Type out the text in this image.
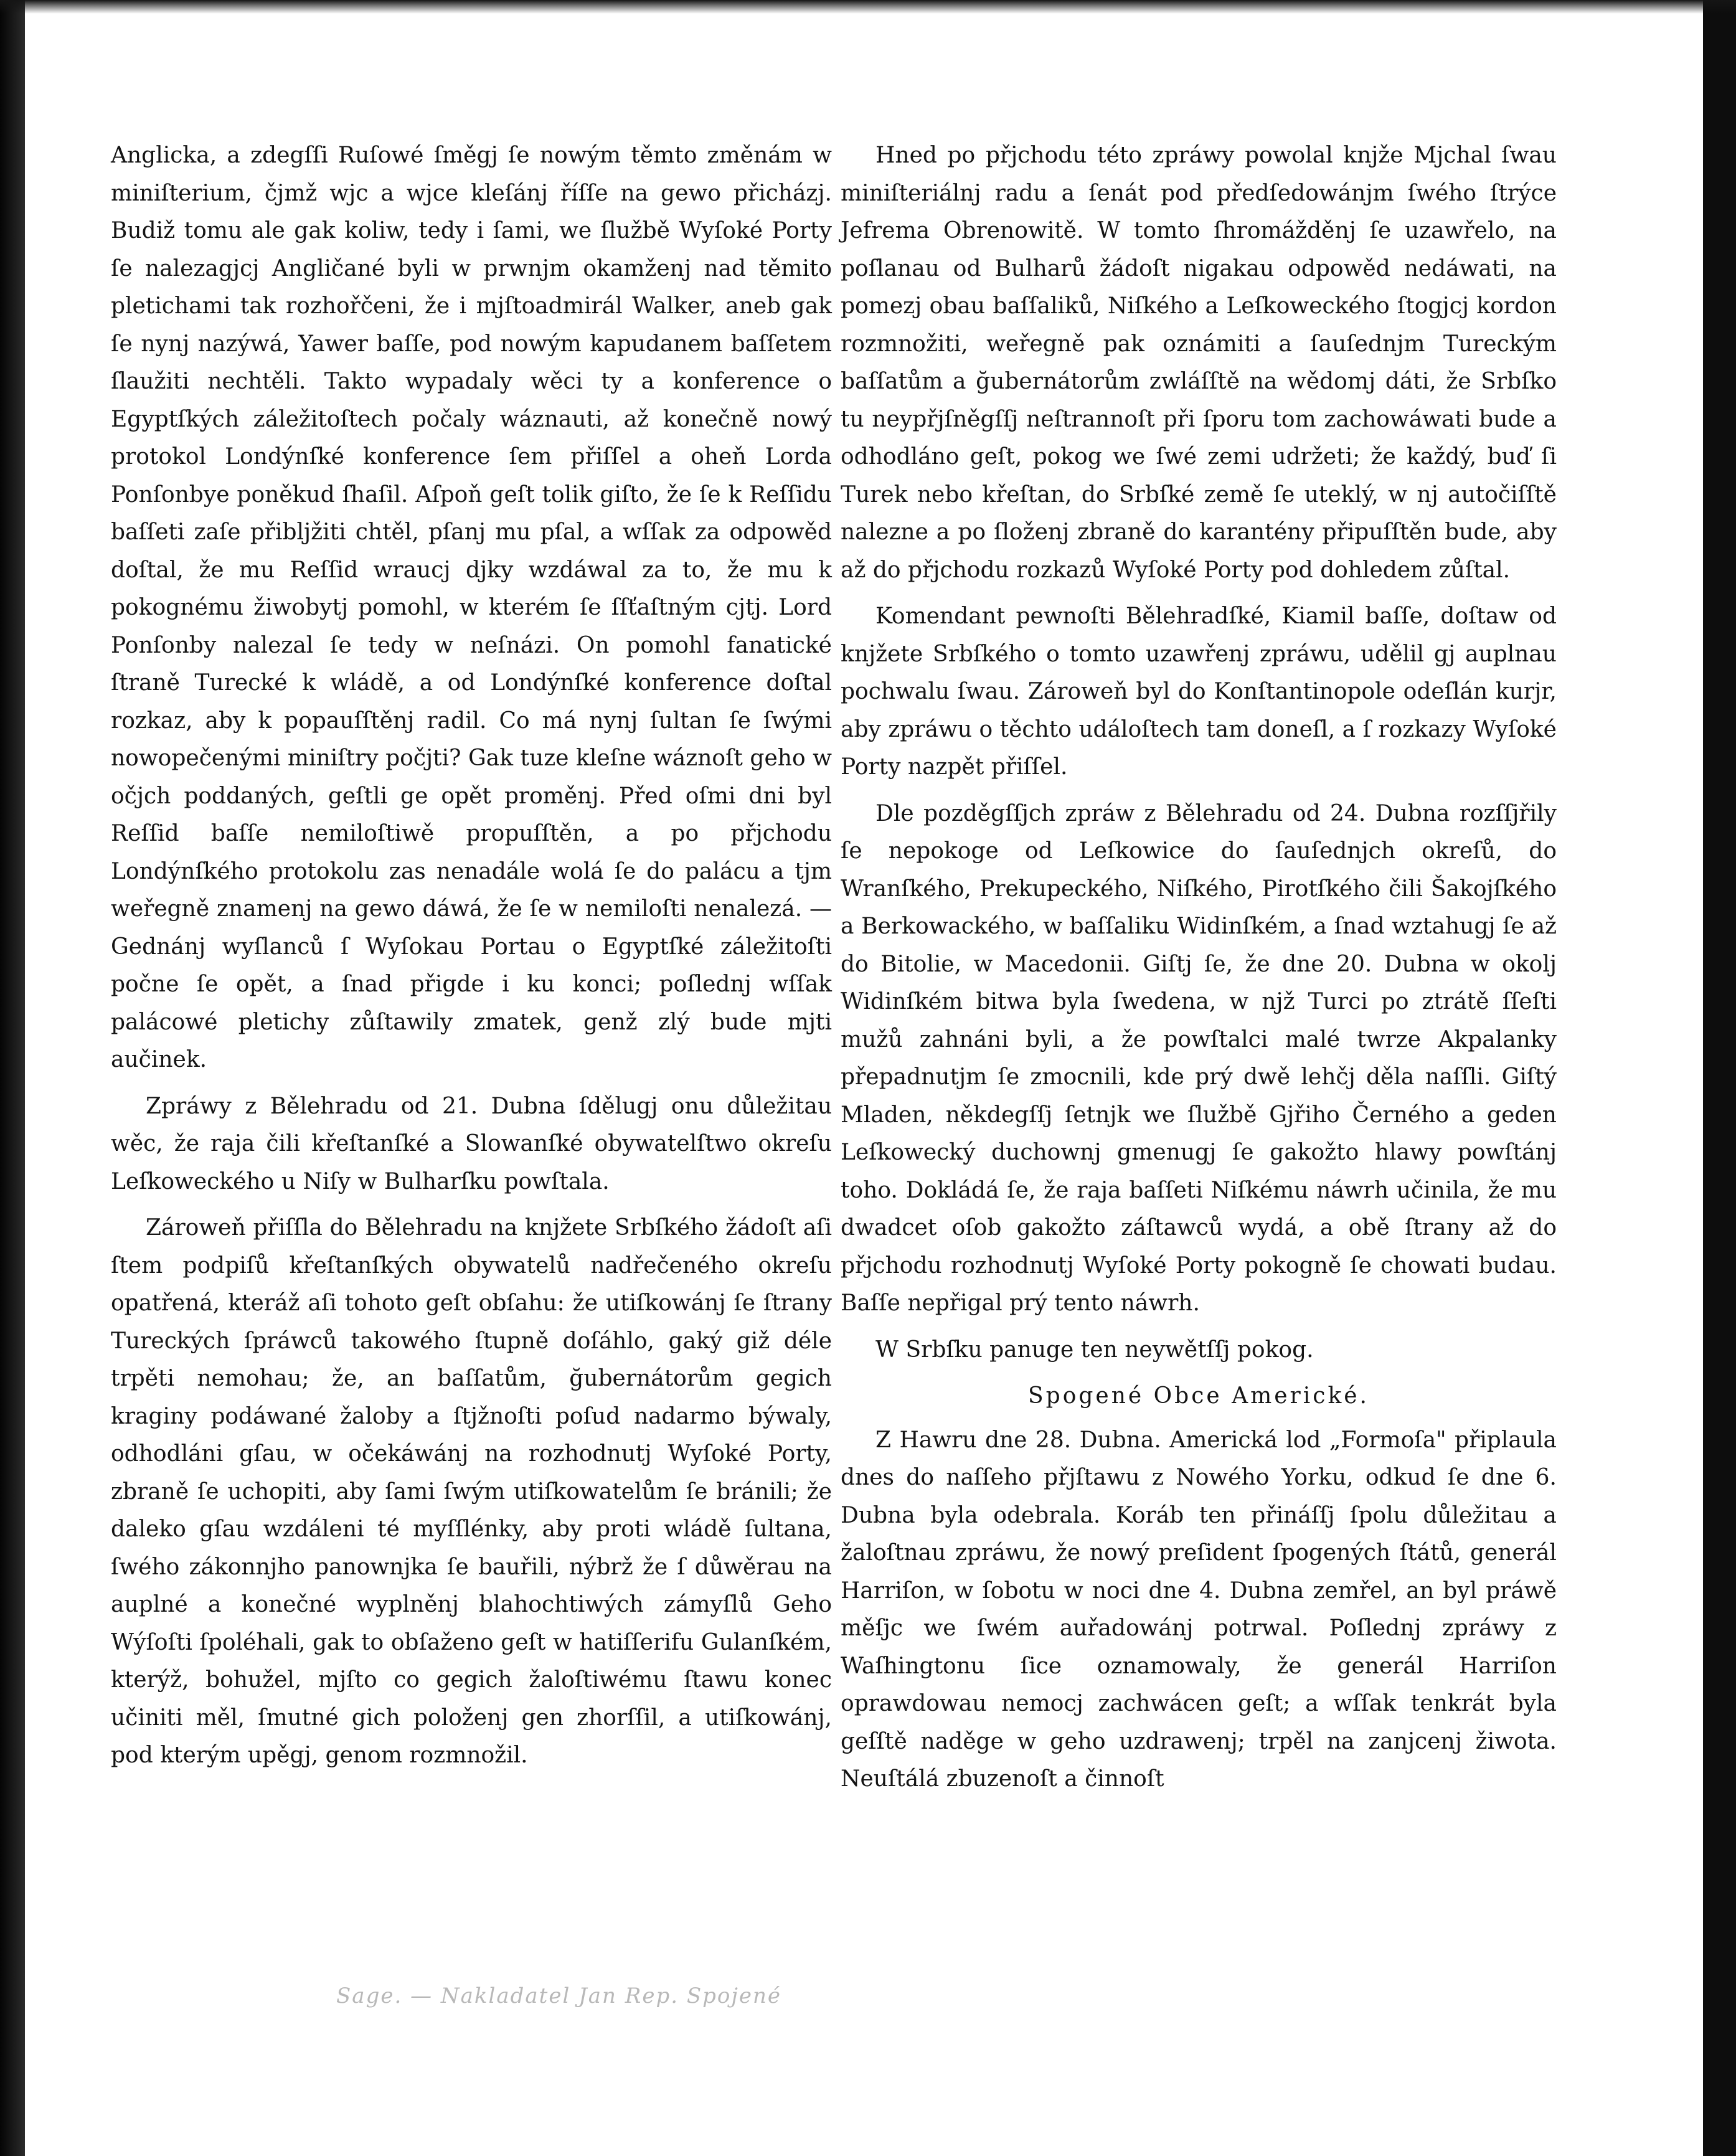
Anglicka, a zdegſſi Ruſowé ſměgj ſe nowým těmto změnám w miniſterium, čjmž wjc a wjce kleſánj říſſe na gewo přicházj. Budiž tomu ale gak koliw, tedy i ſami, we ſlužbě Wyſoké Porty ſe nalezagjcj Angličané byli w prwnjm okamženj nad těmito pletichami tak rozhořčeni, že i mjſtoadmirál Walker, aneb gak ſe nynj nazýwá, Yawer baſſe, pod nowým kapudanem baſſetem ſlaužiti nechtěli. Takto wypadaly wěci ty a konference o Egyptſkých záležitoſtech počaly wáznauti, až konečně nowý protokol Londýnſké konference ſem přiſſel a oheň Lorda Ponſonbye poněkud ſhaſil. Aſpoň geſt tolik giſto, že ſe k Reſſidu baſſeti zaſe přibljžiti chtěl, pſanj mu pſal, a wſſak za odpowěd doſtal, že mu Reſſid wraucj djky wzdáwal za to, že mu k pokognému žiwobytj pomohl, w kterém ſe ſſťaſtným cjtj. Lord Ponſonby nalezal ſe tedy w neſnázi. On pomohl fanatické ſtraně Turecké k wládě, a od Londýnſké konference doſtal rozkaz, aby k popauſſtěnj radil. Co má nynj ſultan ſe ſwými nowopečenými miniſtry počjti? Gak tuze kleſne wáznoſt geho w očjch poddaných, geſtli ge opět proměnj. Před oſmi dni byl Reſſid baſſe nemiloſtiwě propuſſtěn, a po přjchodu Londýnſkého protokolu zas nenadále wolá ſe do palácu a tjm weřegně znamenj na gewo dáwá, že ſe w nemiloſti nenalezá. — Gednánj wyſlanců ſ Wyſokau Portau o Egyptſké záležitoſti počne ſe opět, a ſnad přigde i ku konci; poſlednj wſſak palácowé pletichy zůſtawily zmatek, genž zlý bude mjti aučinek.

Zpráwy z Bělehradu od 21. Dubna ſdělugj onu důležitau wěc, že raja čili křeſtanſké a Slowanſké obywatelſtwo okreſu Leſkoweckého u Niſy w Bulharſku powſtala.

Zároweň přiſſla do Bělehradu na knjžete Srbſkého žádoſt aſi ſtem podpiſů křeſtanſkých obywatelů nadřečeného okreſu opatřená, kteráž aſi tohoto geſt obſahu: že utiſkowánj ſe ſtrany Tureckých ſpráwců takowého ſtupně doſáhlo, gaký giž déle trpěti nemohau; že, an baſſatům, ğubernátorům gegich kraginy podáwané žaloby a ſtjžnoſti poſud nadarmo býwaly, odhodláni gſau, w očekáwánj na rozhodnutj Wyſoké Porty, zbraně ſe uchopiti, aby ſami ſwým utiſkowatelům ſe bránili; že daleko gſau wzdáleni té myſſlénky, aby proti wládě ſultana, ſwého zákonnjho panownjka ſe bauřili, nýbrž že ſ důwěrau na auplné a konečné wyplněnj blahochtiwých zámyſlů Geho Wýſoſti ſpoléhali, gak to obſaženo geſt w hatiſſerifu Gulanſkém, kterýž, bohužel, mjſto co gegich žaloſtiwému ſtawu konec učiniti měl, ſmutné gich položenj gen zhorſſil, a utiſkowánj, pod kterým upěgj, genom rozmnožil.

Hned po přjchodu této zpráwy powolal knjže Mjchal ſwau miniſteriálnj radu a ſenát pod předſedowánjm ſwého ſtrýce Jefrema Obrenowitě. W tomto ſhromážděnj ſe uzawřelo, na poſlanau od Bulharů žádoſt nigakau odpowěd nedáwati, na pomezj obau baſſaliků, Niſkého a Leſkoweckého ſtogjcj kordon rozmnožiti, weřegně pak oznámiti a ſauſednjm Tureckým baſſatům a ğubernátorům zwláſſtě na wědomj dáti, že Srbſko tu neypřjſněgſſj neſtrannoſt při ſporu tom zachowáwati bude a odhodláno geſt, pokog we ſwé zemi udržeti; že každý, buď ſi Turek nebo křeſtan, do Srbſké země ſe uteklý, w nj autočiſſtě nalezne a po ſloženj zbraně do karantény připuſſtěn bude, aby až do přjchodu rozkazů Wyſoké Porty pod dohledem zůſtal.

Komendant pewnoſti Bělehradſké, Kiamil baſſe, doſtaw od knjžete Srbſkého o tomto uzawřenj zpráwu, udělil gj auplnau pochwalu ſwau. Zároweň byl do Konſtantinopole odeſlán kurjr, aby zpráwu o těchto událoſtech tam doneſl, a ſ rozkazy Wyſoké Porty nazpět přiſſel.

Dle pozděgſſjch zpráw z Bělehradu od 24. Dubna rozſſjřily ſe nepokoge od Leſkowice do ſauſednjch okreſů, do Wranſkého, Prekupeckého, Niſkého, Pirotſkého čili Šakojſkého a Berkowackého, w baſſaliku Widinſkém, a ſnad wztahugj ſe až do Bitolie, w Macedonii. Giſtj ſe, že dne 20. Dubna w okolj Widinſkém bitwa byla ſwedena, w njž Turci po ztrátě ſſeſti mužů zahnáni byli, a že powſtalci malé twrze Akpalanky přepadnutjm ſe zmocnili, kde prý dwě lehčj děla naſſli. Giſtý Mladen, někdegſſj ſetnjk we ſlužbě Gjřiho Černého a geden Leſkowecký duchownj gmenugj ſe gakožto hlawy powſtánj toho. Dokládá ſe, že raja baſſeti Niſkému náwrh učinila, že mu dwadcet oſob gakožto záſtawců wydá, a obě ſtrany až do přjchodu rozhodnutj Wyſoké Porty pokogně ſe chowati budau. Baſſe nepřigal prý tento náwrh.

W Srbſku panuge ten neywětſſj pokog.

Spogené Obce Americké.

Z Hawru dne 28. Dubna. Americká lod „Formoſa" připlaula dnes do naſſeho přjſtawu z Nowého Yorku, odkud ſe dne 6. Dubna byla odebrala. Koráb ten přináſſj ſpolu důležitau a žaloſtnau zpráwu, že nowý preſident ſpogených ſtátů, generál Harriſon, w ſobotu w noci dne 4. Dubna zemřel, an byl práwě měſjc we ſwém auřadowánj potrwal. Poſlednj zpráwy z Waſhingtonu ſice oznamowaly, že generál Harriſon oprawdowau nemocj zachwácen geſt; a wſſak tenkrát byla geſſtě naděge w geho uzdrawenj; trpěl na zanjcenj žiwota. Neuſtálá zbuzenoſt a činnoſt

Sage. — Nakladatel Jan Rep. Spojené
